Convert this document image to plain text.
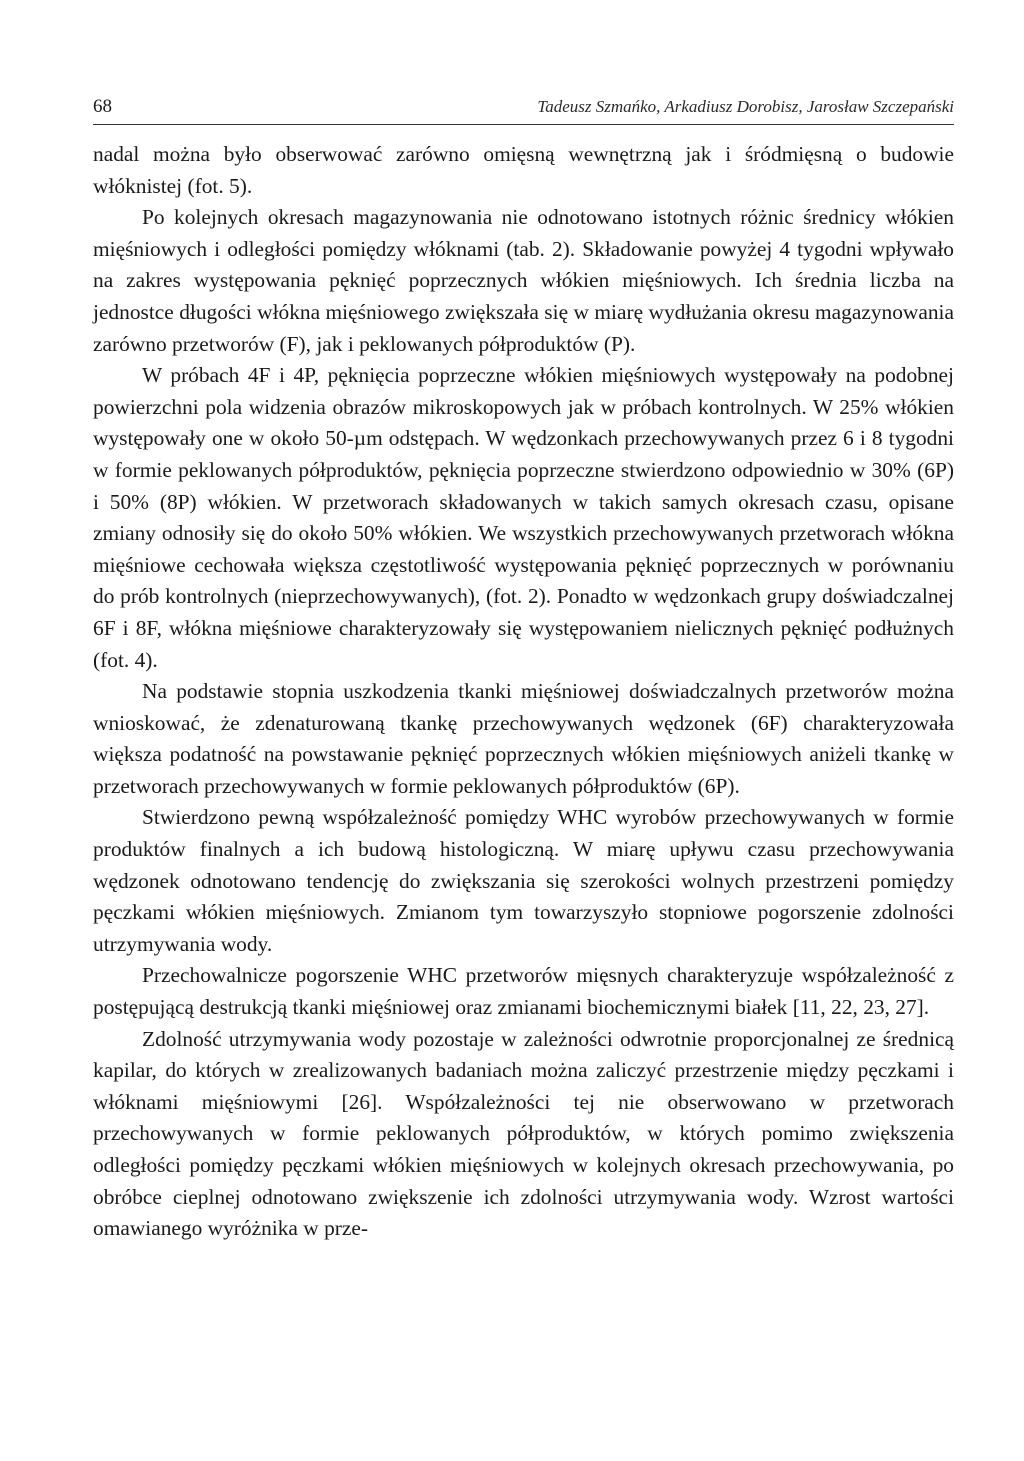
68	Tadeusz Szmańko, Arkadiusz Dorobisz, Jarosław Szczepański

nadal można było obserwować zarówno omięsną wewnętrzną jak i śródmięsną o budowie włóknistej (fot. 5).

Po kolejnych okresach magazynowania nie odnotowano istotnych różnic średnicy włókien mięśniowych i odległości pomiędzy włóknami (tab. 2). Składowanie powyżej 4 tygodni wpływało na zakres występowania pęknięć poprzecznych włókien mięśniowych. Ich średnia liczba na jednostce długości włókna mięśniowego zwiększała się w miarę wydłużania okresu magazynowania zarówno przetworów (F), jak i peklowanych półproduktów (P).

W próbach 4F i 4P, pęknięcia poprzeczne włókien mięśniowych występowały na podobnej powierzchni pola widzenia obrazów mikroskopowych jak w próbach kontrolnych. W 25% włókien występowały one w około 50-µm odstępach. W wędzonkach przechowywanych przez 6 i 8 tygodni w formie peklowanych półproduktów, pęknięcia poprzeczne stwierdzono odpowiednio w 30% (6P) i 50% (8P) włókien. W przetworach składowanych w takich samych okresach czasu, opisane zmiany odnosiły się do około 50% włókien. We wszystkich przechowywanych przetworach włókna mięśniowe cechowała większa częstotliwość występowania pęknięć poprzecznych w porównaniu do prób kontrolnych (nieprzechowywanych), (fot. 2). Ponadto w wędzonkach grupy doświadczalnej 6F i 8F, włókna mięśniowe charakteryzowały się występowaniem nielicznych pęknięć podłużnych (fot. 4).

Na podstawie stopnia uszkodzenia tkanki mięśniowej doświadczalnych przetworów można wnioskować, że zdenaturowaną tkankę przechowywanych wędzonek (6F) charakteryzowała większa podatność na powstawanie pęknięć poprzecznych włókien mięśniowych aniżeli tkankę w przetworach przechowywanych w formie peklowanych półproduktów (6P).

Stwierdzono pewną współzależność pomiędzy WHC wyrobów przechowywanych w formie produktów finalnych a ich budową histologiczną. W miarę upływu czasu przechowywania wędzonek odnotowano tendencję do zwiększania się szerokości wolnych przestrzeni pomiędzy pęczkami włókien mięśniowych. Zmianom tym towarzyszyło stopniowe pogorszenie zdolności utrzymywania wody.

Przechowalnicze pogorszenie WHC przetworów mięsnych charakteryzuje współzależność z postępującą destrukcją tkanki mięśniowej oraz zmianami biochemicznymi białek [11, 22, 23, 27].

Zdolność utrzymywania wody pozostaje w zależności odwrotnie proporcjonalnej ze średnicą kapilar, do których w zrealizowanych badaniach można zaliczyć przestrzenie między pęczkami i włóknami mięśniowymi [26]. Współzależności tej nie obserwowano w przetworach przechowywanych w formie peklowanych półproduktów, w których pomimo zwiększenia odległości pomiędzy pęczkami włókien mięśniowych w kolejnych okresach przechowywania, po obróbce cieplnej odnotowano zwiększenie ich zdolności utrzymywania wody. Wzrost wartości omawianego wyróżnika w prze-
